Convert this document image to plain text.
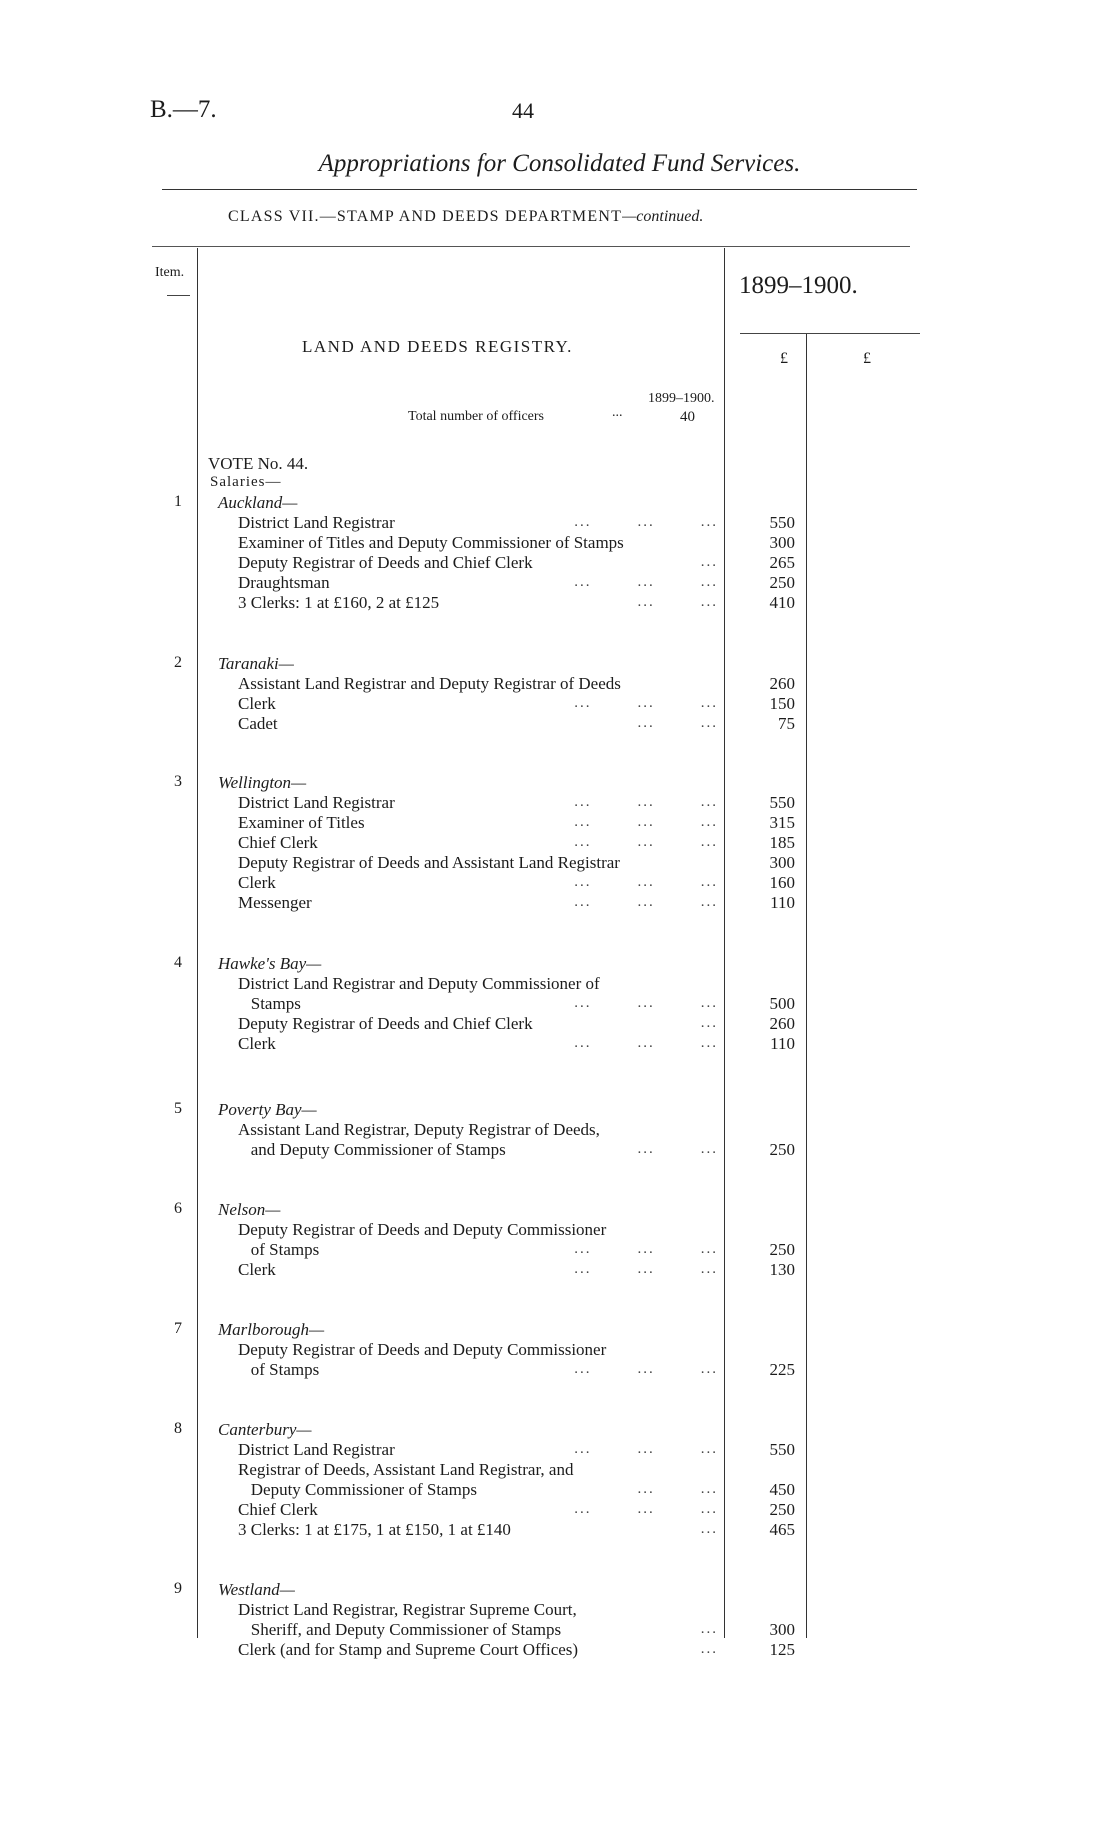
B.—7.	44
Appropriations for Consolidated Fund Services.
CLASS VII.—STAMP AND DEEDS DEPARTMENT—continued.
Item.	1899–1900.
£	£
LAND AND DEEDS REGISTRY.
1899–1900.
Total number of officers	...	40
VOTE No. 44.
Salaries—
1 Auckland—
District Land Registrar	...        ...        ...	550
Examiner of Titles and Deputy Commissioner of Stamps	300
Deputy Registrar of Deeds and Chief Clerk	...	265
Draughtsman	...        ...        ...	250
3 Clerks: 1 at £160, 2 at £125	...        ...	410
2 Taranaki—
Assistant Land Registrar and Deputy Registrar of Deeds	260
Clerk	...        ...        ...	150
Cadet	...        ...	75
3 Wellington—
District Land Registrar	...        ...        ...	550
Examiner of Titles	...        ...        ...	315
Chief Clerk	...        ...        ...	185
Deputy Registrar of Deeds and Assistant Land Registrar	300
Clerk	...        ...        ...	160
Messenger	...        ...        ...	110
4 Hawke's Bay—
District Land Registrar and Deputy Commissioner of
Stamps	...        ...        ...	500
Deputy Registrar of Deeds and Chief Clerk	...	260
Clerk	...        ...        ...	110
5 Poverty Bay—
Assistant Land Registrar, Deputy Registrar of Deeds,
and Deputy Commissioner of Stamps	...        ...	250
6 Nelson—
Deputy Registrar of Deeds and Deputy Commissioner
of Stamps	...        ...        ...	250
Clerk	...        ...        ...	130
7 Marlborough—
Deputy Registrar of Deeds and Deputy Commissioner
of Stamps	...        ...        ...	225
8 Canterbury—
District Land Registrar	...        ...        ...	550
Registrar of Deeds, Assistant Land Registrar, and
Deputy Commissioner of Stamps	...        ...	450
Chief Clerk	...        ...        ...	250
3 Clerks: 1 at £175, 1 at £150, 1 at £140	...	465
9 Westland—
District Land Registrar, Registrar Supreme Court,
Sheriff, and Deputy Commissioner of Stamps	...	300
Clerk (and for Stamp and Supreme Court Offices)	...	125
